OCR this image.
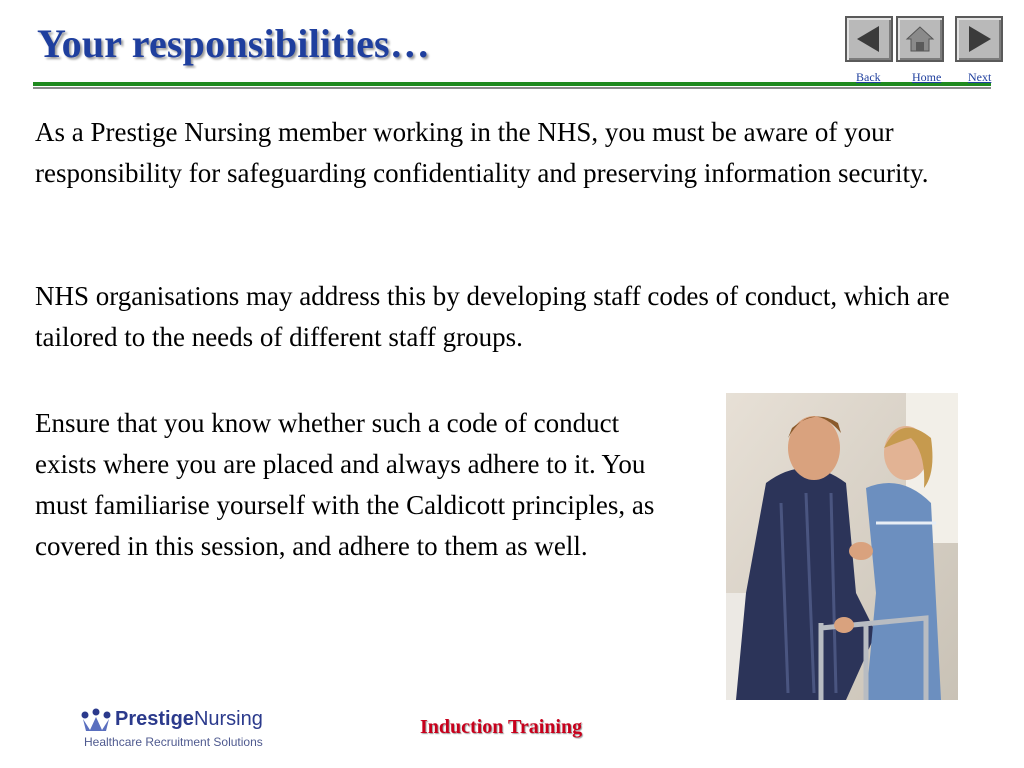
Your responsibilities…
Back	Home Next

As a Prestige Nursing member working in the NHS, you must be aware of your responsibility for safeguarding confidentiality and preserving information security.

NHS organisations may address this by developing staff codes of conduct, which are tailored to the needs of different staff groups.

Ensure that you know whether such a code of conduct exists where you are placed and always adhere to it. You must familiarise yourself with the Caldicott principles, as covered in this session, and adhere to them as well.

PrestigeNursing
Healthcare Recruitment Solutions

Induction Training
